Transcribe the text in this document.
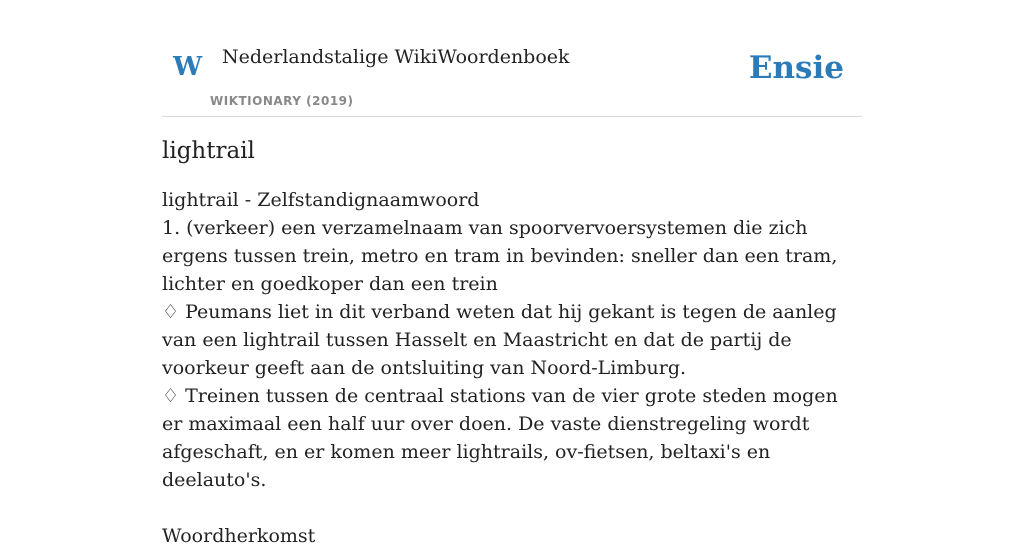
W Nederlandstalige WikiWoordenboek
WIKTIONARY (2019)
Ensie
lightrail
lightrail - Zelfstandignaamwoord
1. (verkeer) een verzamelnaam van spoorvervoersystemen die zich ergens tussen trein, metro en tram in bevinden: sneller dan een tram, lichter en goedkoper dan een trein
♢ Peumans liet in dit verband weten dat hij gekant is tegen de aanleg van een lightrail tussen Hasselt en Maastricht en dat de partij de voorkeur geeft aan de ontsluiting van Noord-Limburg.
♢ Treinen tussen de centraal stations van de vier grote steden mogen er maximaal een half uur over doen. De vaste dienstregeling wordt afgeschaft, en er komen meer lightrails, ov-fietsen, beltaxi's en deelauto's.
Woordherkomst
